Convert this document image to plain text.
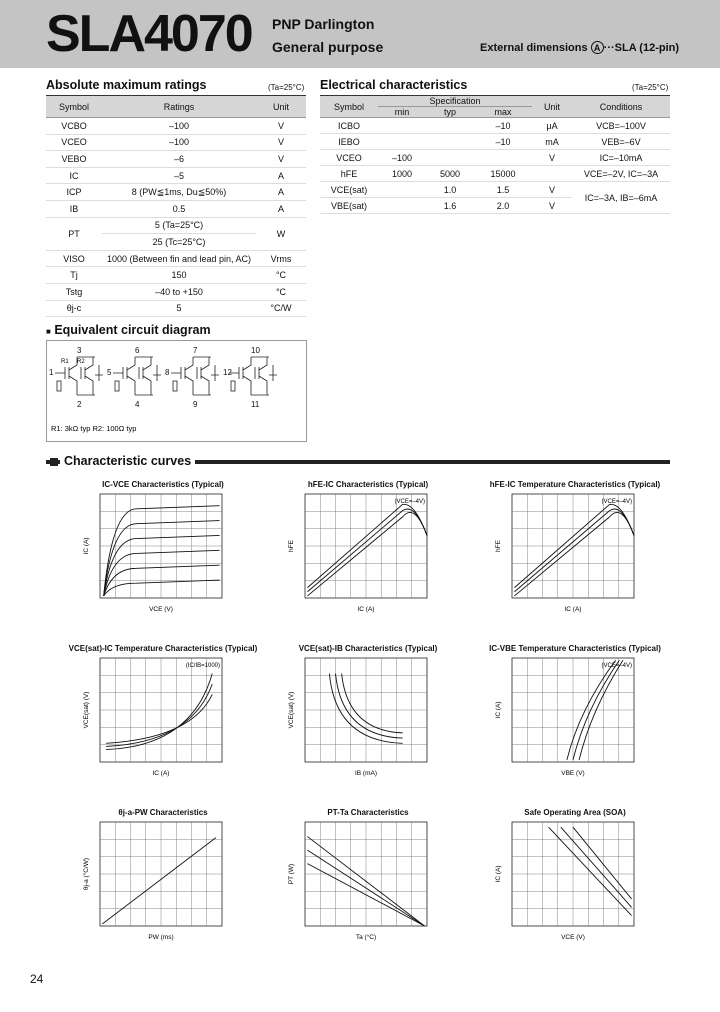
SLA4070 PNP Darlington
General purpose	External dimensions A ···SLA (12-pin)
Absolute maximum ratings	(Ta=25°C)
Symbol	Ratings	Unit
VCBO	–100	V
VCEO	–100	V
VEBO	–6	V
IC	–5	A
ICP	8 (PW≦1ms, Du≦50%)	A
IB	0.5	A
PT	5 (Ta=25°C)	W
	25 (Tc=25°C)	
VISO	1000 (Between fin and lead pin, AC)	Vrms
Tj	150	°C
Tstg	–40 to +150	°C
θj-c	5	°C/W
Electrical characteristics	(Ta=25°C)
Symbol	Specification			Unit	Conditions
	min	typ	max		
ICBO			–10	μA	VCB=–100V
IEBO			–10	mA	VEB=–6V
VCEO	–100			V	IC=–10mA
hFE	1000	5000	15000		VCE=–2V, IC=–3A
VCE(sat)		1.0	1.5	V	IC=–3A, IB=–6mA
VBE(sat)		1.6	2.0	V	
■ Equivalent circuit diagram
R1: 3kΩ typ R2: 100Ω typ
3
1
2
6
5
4
7
8
9
10
12
11
R1 R2
Characteristic curves
IC-VCE Characteristics (Typical)
VCE (V)
IC (A)
hFE-IC Characteristics (Typical)
IC (A)
hFE
(VCE=–4V)
hFE-IC Temperature Characteristics (Typical)
IC (A)
hFE
(VCE=–4V)
VCE(sat)-IC Temperature Characteristics (Typical)
IC (A)
VCE(sat) (V)
(IC/IB=1000)
VCE(sat)-IB Characteristics (Typical)
IB (mA)
VCE(sat) (V)
IC-VBE Temperature Characteristics (Typical)
VBE (V)
IC (A)
(VCE=–4V)
θj-a-PW Characteristics
PW (ms)
θj-a (°C/W)
PT-Ta Characteristics
Ta (°C)
PT (W)
Safe Operating Area (SOA)
VCE (V)
IC (A)
24
